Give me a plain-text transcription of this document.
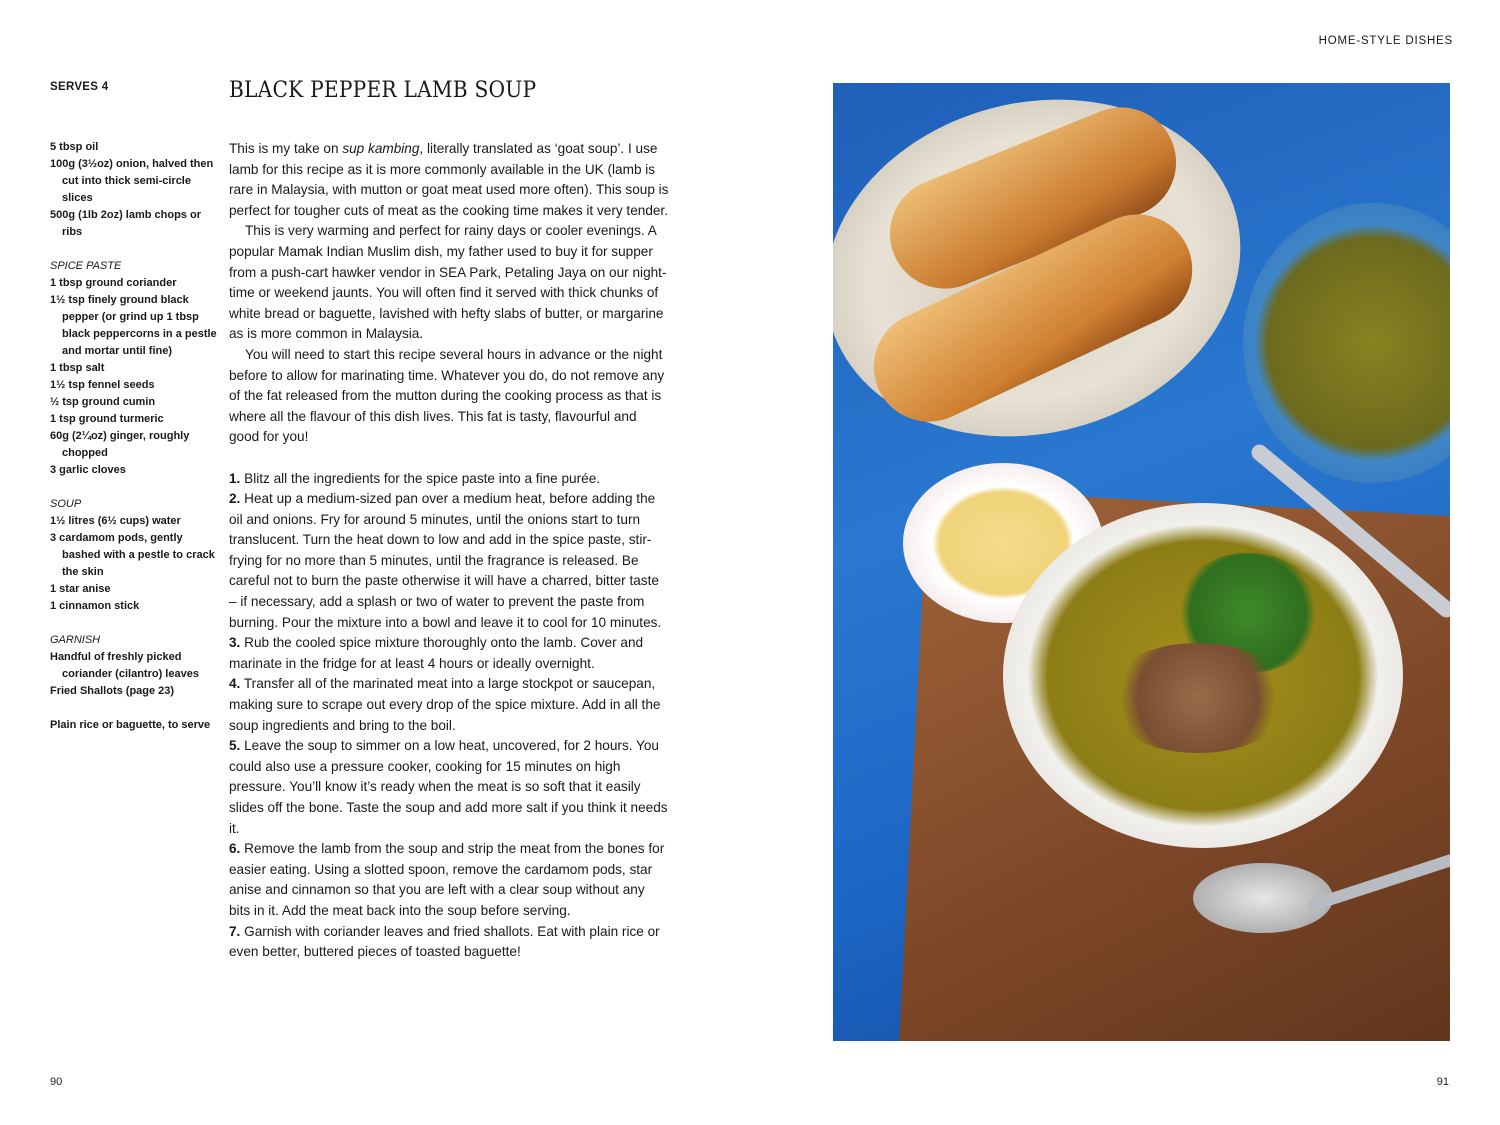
SERVES 4	BLACK PEPPER LAMB SOUP
5 tbsp oil
100g (3½oz) onion, halved then cut into thick semi-circle slices
500g (1lb 2oz) lamb chops or ribs
SPICE PASTE
1 tbsp ground coriander
1½ tsp finely ground black pepper (or grind up 1 tbsp black peppercorns in a pestle and mortar until fine)
1 tbsp salt
1½ tsp fennel seeds
½ tsp ground cumin
1 tsp ground turmeric
60g (2¼oz) ginger, roughly chopped
3 garlic cloves
SOUP
1½ litres (6½ cups) water
3 cardamom pods, gently bashed with a pestle to crack the skin
1 star anise
1 cinnamon stick
GARNISH
Handful of freshly picked coriander (cilantro) leaves
Fried Shallots (page 23)
Plain rice or baguette, to serve

This is my take on sup kambing, literally translated as ‘goat soup’. I use lamb for this recipe as it is more commonly available in the UK (lamb is rare in Malaysia, with mutton or goat meat used more often). This soup is perfect for tougher cuts of meat as the cooking time makes it very tender.

This is very warming and perfect for rainy days or cooler evenings. A popular Mamak Indian Muslim dish, my father used to buy it for supper from a push-cart hawker vendor in SEA Park, Petaling Jaya on our night-time or weekend jaunts. You will often find it served with thick chunks of white bread or baguette, lavished with hefty slabs of butter, or margarine as is more common in Malaysia.

You will need to start this recipe several hours in advance or the night before to allow for marinating time. Whatever you do, do not remove any of the fat released from the mutton during the cooking process as that is where all the flavour of this dish lives. This fat is tasty, flavourful and good for you!

1. Blitz all the ingredients for the spice paste into a fine purée.

2. Heat up a medium-sized pan over a medium heat, before adding the oil and onions. Fry for around 5 minutes, until the onions start to turn translucent. Turn the heat down to low and add in the spice paste, stir-frying for no more than 5 minutes, until the fragrance is released. Be careful not to burn the paste otherwise it will have a charred, bitter taste – if necessary, add a splash or two of water to prevent the paste from burning. Pour the mixture into a bowl and leave it to cool for 10 minutes.

3. Rub the cooled spice mixture thoroughly onto the lamb. Cover and marinate in the fridge for at least 4 hours or ideally overnight.

4. Transfer all of the marinated meat into a large stockpot or saucepan, making sure to scrape out every drop of the spice mixture. Add in all the soup ingredients and bring to the boil.

5. Leave the soup to simmer on a low heat, uncovered, for 2 hours. You could also use a pressure cooker, cooking for 15 minutes on high pressure. You’ll know it’s ready when the meat is so soft that it easily slides off the bone. Taste the soup and add more salt if you think it needs it.

6. Remove the lamb from the soup and strip the meat from the bones for easier eating. Using a slotted spoon, remove the cardamom pods, star anise and cinnamon so that you are left with a clear soup without any bits in it. Add the meat back into the soup before serving.

7. Garnish with coriander leaves and fried shallots. Eat with plain rice or even better, buttered pieces of toasted baguette!

90
HOME-STYLE DISHES
91
